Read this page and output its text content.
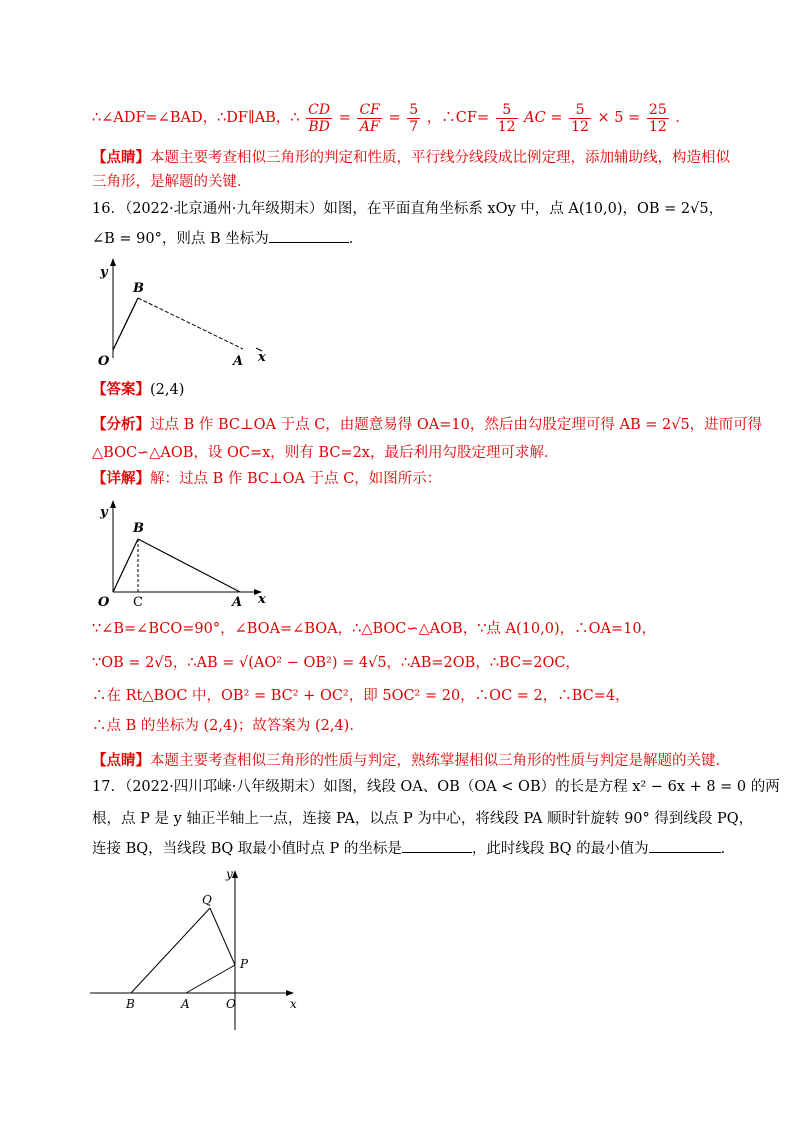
∴∠ADF=∠BAD，∴DF∥AB，∴ $\frac{CD}{BD} = \frac{CF}{AF} = \frac{5}{7}$ ，∴CF= $\frac{5}{12}$ AC = $\frac{5}{12} \times 5 = \frac{25}{12}$ ．
【点睛】本题主要考查相似三角形的判定和性质，平行线分线段成比例定理，添加辅助线，构造相似
三角形，是解题的关键．
16．（2022·北京通州·九年级期末）如图，在平面直角坐标系 xOy 中，点 A(10,0)，OB = 2√5，
∠B = 90°，则点 B 坐标为	．
y
B
O	A x
【答案】(2,4)
【分析】过点 B 作 BC⊥OA 于点 C，由题意易得 OA=10，然后由勾股定理可得 AB = 2√5，进而可得
△BOC∽△AOB，设 OC=x，则有 BC=2x，最后利用勾股定理可求解．
【详解】解：过点 B 作 BC⊥OA 于点 C，如图所示：
y
B
O C	A x
∵∠B=∠BCO=90°，∠BOA=∠BOA，∴△BOC∽△AOB，∵点 A(10,0)，∴OA=10，
∵OB = 2√5，∴AB = √(AO² − OB²) = 4√5，∴AB=2OB，∴BC=2OC，
∴在 Rt△BOC 中，OB² = BC² + OC²，即 5OC² = 20，∴OC = 2，∴BC=4，
∴点 B 的坐标为 (2,4)；故答案为 (2,4)．
【点睛】本题主要考查相似三角形的性质与判定，熟练掌握相似三角形的性质与判定是解题的关键．
17．（2022·四川邛崃·八年级期末）如图，线段 OA、OB（OA < OB）的长是方程 x² − 6x + 8 = 0 的两
根，点 P 是 y 轴正半轴上一点，连接 PA，以点 P 为中心，将线段 PA 顺时针旋转 90° 得到线段 PQ，
连接 BQ，当线段 BQ 取最小值时点 P 的坐标是	，此时线段 BQ 的最小值为	．
y
Q
P
B	A	O	x
